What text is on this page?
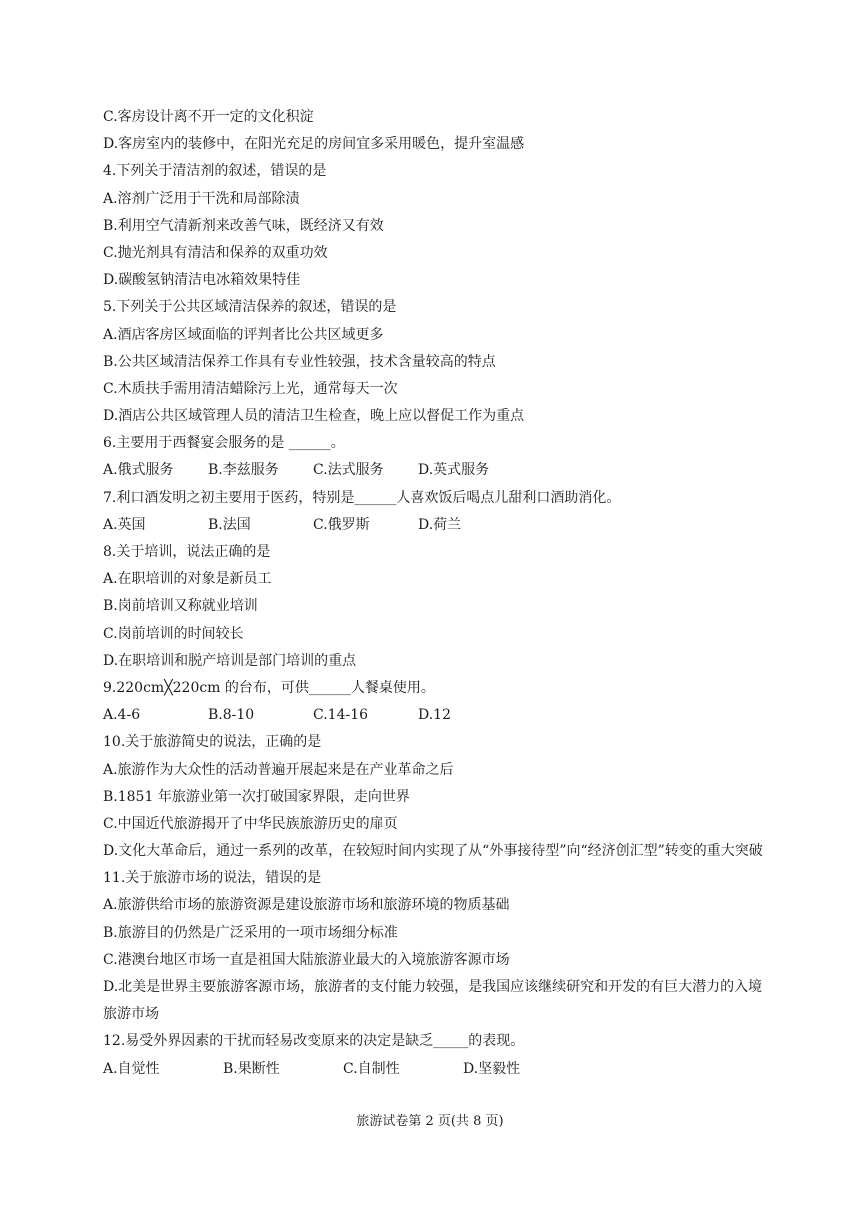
C.客房设计离不开一定的文化积淀
D.客房室内的装修中，在阳光充足的房间宜多采用暖色，提升室温感
4.下列关于清洁剂的叙述，错误的是
A.溶剂广泛用于干洗和局部除渍
B.利用空气清新剂来改善气味，既经济又有效
C.抛光剂具有清洁和保养的双重功效
D.碳酸氢钠清洁电冰箱效果特佳
5.下列关于公共区域清洁保养的叙述，错误的是
A.酒店客房区域面临的评判者比公共区域更多
B.公共区域清洁保养工作具有专业性较强，技术含量较高的特点
C.木质扶手需用清洁蜡除污上光，通常每天一次
D.酒店公共区域管理人员的清洁卫生检查，晚上应以督促工作为重点
6.主要用于西餐宴会服务的是 ______。
A.俄式服务	B.李兹服务	C.法式服务	D.英式服务
7.利口酒发明之初主要用于医药，特别是______人喜欢饭后喝点儿甜利口酒助消化。
A.英国	B.法国	C.俄罗斯	D.荷兰
8.关于培训，说法正确的是
A.在职培训的对象是新员工
B.岗前培训又称就业培训
C.岗前培训的时间较长
D.在职培训和脱产培训是部门培训的重点
9.220cm╳220cm 的台布，可供______人餐桌使用。
A.4-6	B.8-10	C.14-16	D.12
10.关于旅游简史的说法，正确的是
A.旅游作为大众性的活动普遍开展起来是在产业革命之后
B.1851 年旅游业第一次打破国家界限，走向世界
C.中国近代旅游揭开了中华民族旅游历史的扉页
D.文化大革命后，通过一系列的改革，在较短时间内实现了从“外事接待型”向“经济创汇型”转变的重大突破
11.关于旅游市场的说法，错误的是
A.旅游供给市场的旅游资源是建设旅游市场和旅游环境的物质基础
B.旅游目的仍然是广泛采用的一项市场细分标准
C.港澳台地区市场一直是祖国大陆旅游业最大的入境旅游客源市场
D.北美是世界主要旅游客源市场，旅游者的支付能力较强，是我国应该继续研究和开发的有巨大潜力的入境旅游市场
12.易受外界因素的干扰而轻易改变原来的决定是缺乏_____的表现。
A.自觉性	B.果断性	C.自制性	D.坚毅性
旅游试卷第 2 页(共 8 页)
